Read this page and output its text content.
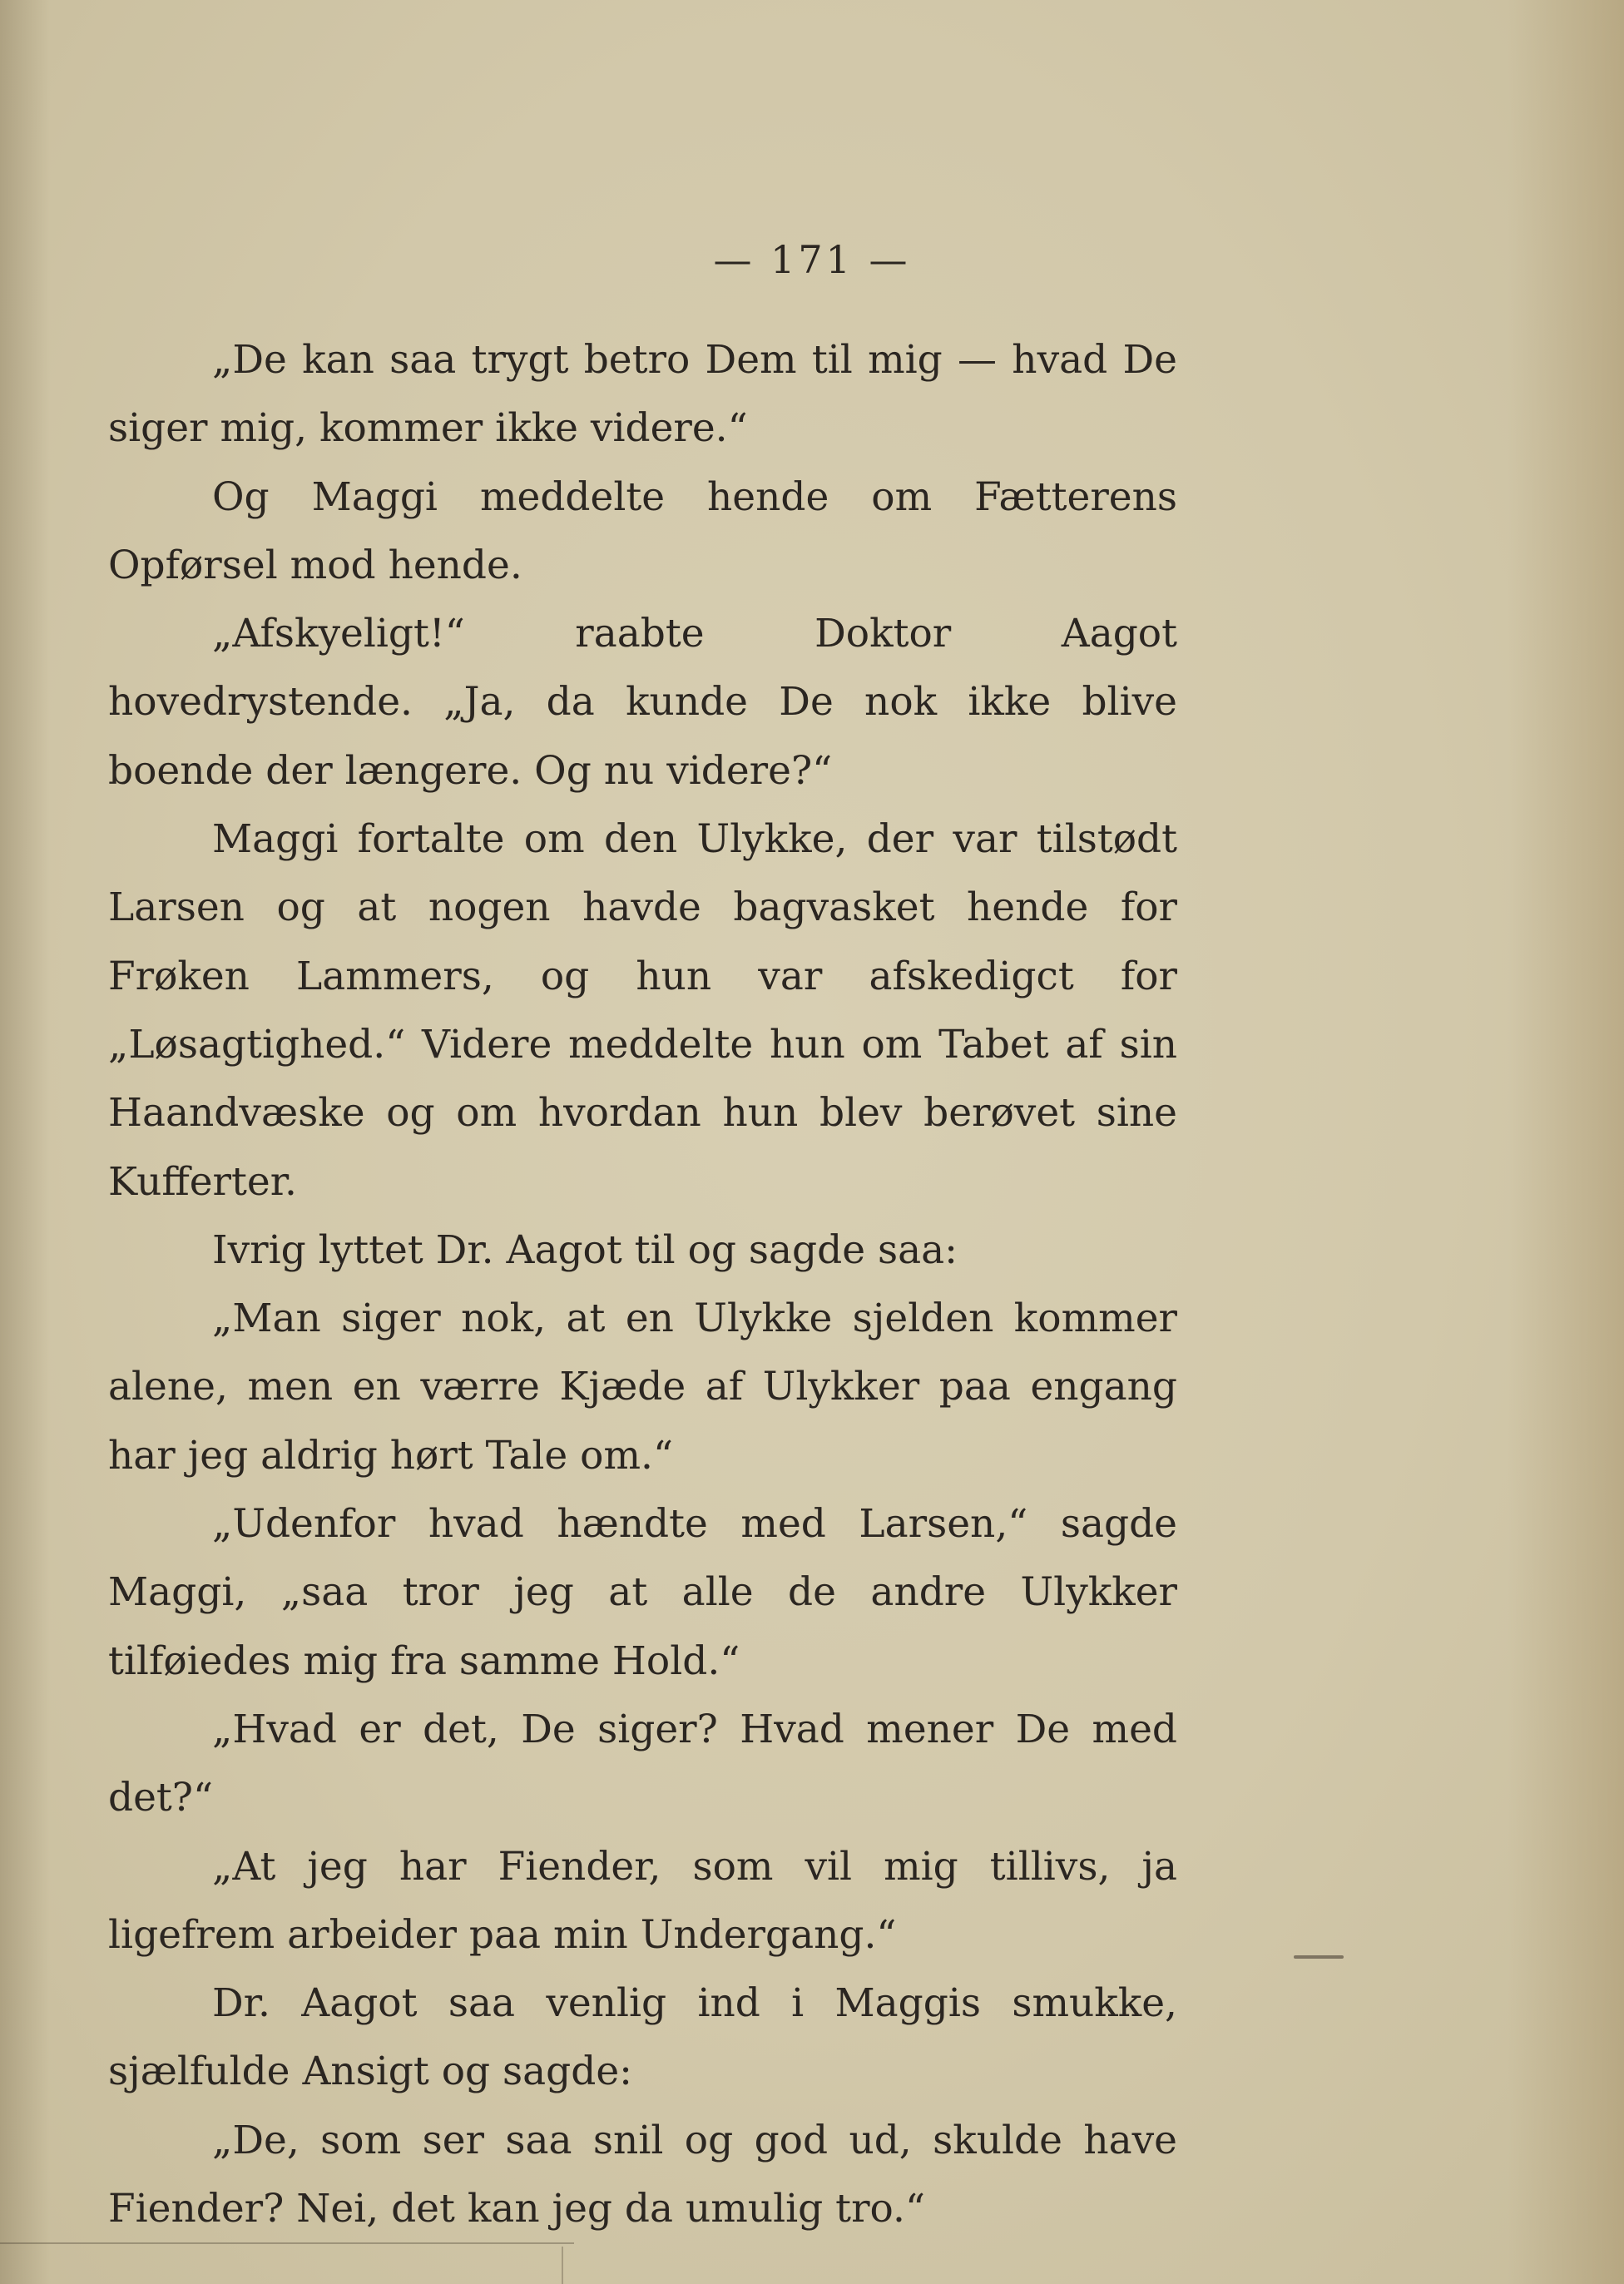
— 171 —

„De kan saa trygt betro Dem til mig — hvad De siger mig, kommer ikke videre.“

Og Maggi meddelte hende om Fætterens Opførsel mod hende.

„Afskyeligt!“ raabte Doktor Aagot hovedrystende. „Ja, da kunde De nok ikke blive boende der længere. Og nu videre?“

Maggi fortalte om den Ulykke, der var tilstødt Larsen og at nogen havde bagvasket hende for Frøken Lammers, og hun var afskedigct for „Løsagtighed.“ Videre meddelte hun om Tabet af sin Haandvæske og om hvordan hun blev berøvet sine Kufferter.

Ivrig lyttet Dr. Aagot til og sagde saa:

„Man siger nok, at en Ulykke sjelden kommer alene, men en værre Kjæde af Ulykker paa engang har jeg aldrig hørt Tale om.“

„Udenfor hvad hændte med Larsen,“ sagde Maggi, „saa tror jeg at alle de andre Ulykker tilføiedes mig fra samme Hold.“

„Hvad er det, De siger? Hvad mener De med det?“

„At jeg har Fiender, som vil mig tillivs, ja ligefrem arbeider paa min Undergang.“

Dr. Aagot saa venlig ind i Maggis smukke, sjælfulde Ansigt og sagde:

„De, som ser saa snil og god ud, skulde have Fiender? Nei, det kan jeg da umulig tro.“
